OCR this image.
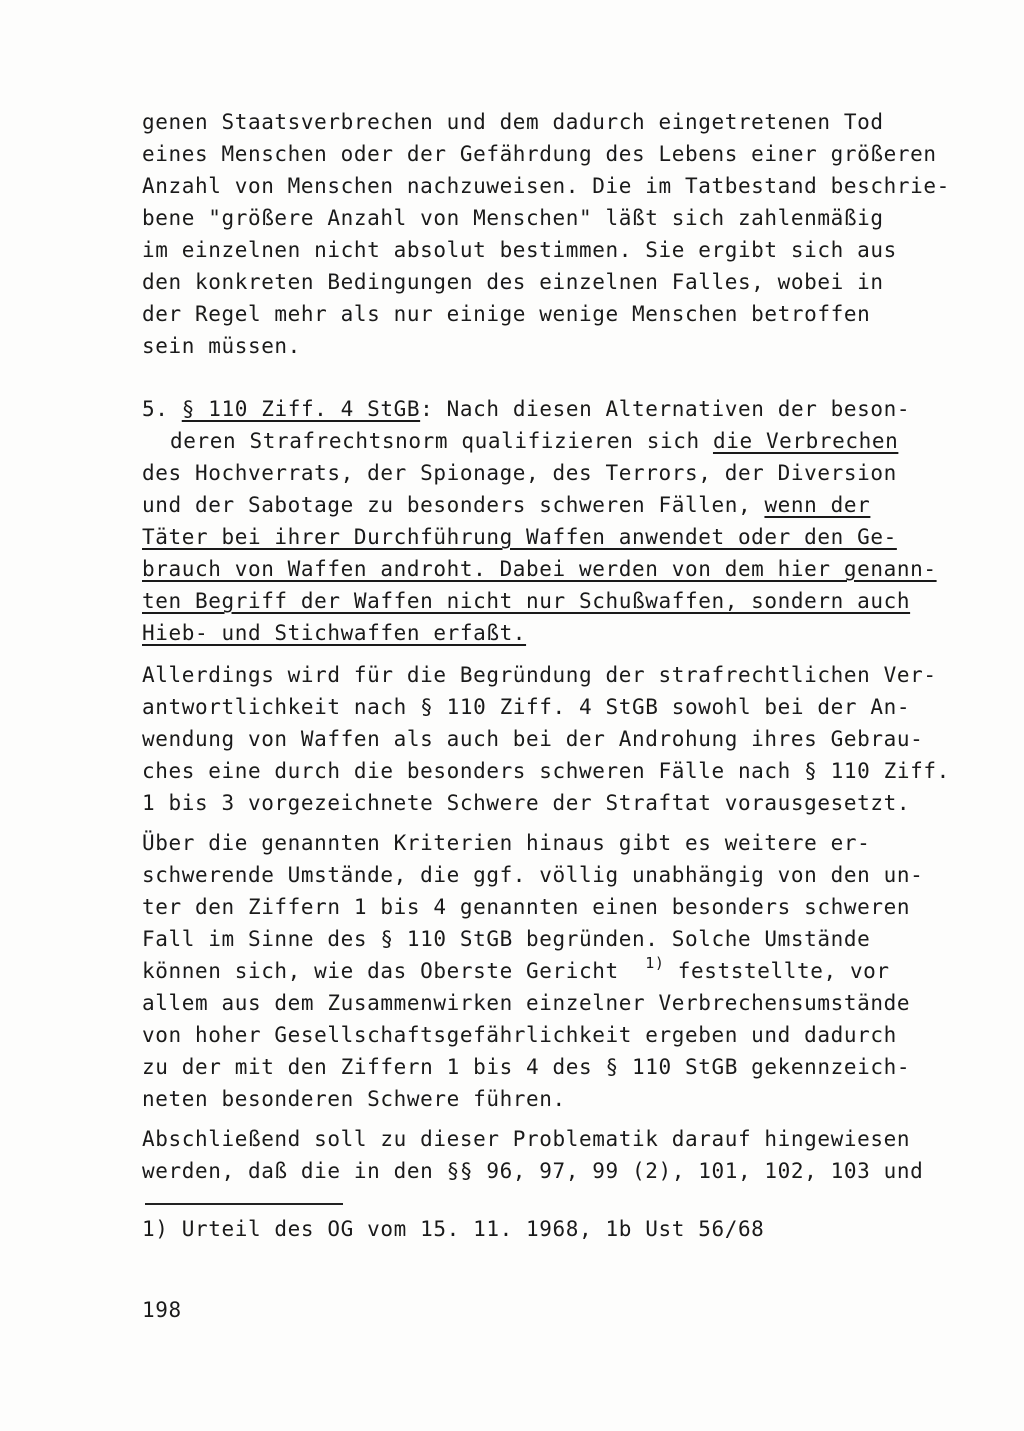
genen Staatsverbrechen und dem dadurch eingetretenen Tod
eines Menschen oder der Gefährdung des Lebens einer größeren
Anzahl von Menschen nachzuweisen. Die im Tatbestand beschrie-
bene "größere Anzahl von Menschen" läßt sich zahlenmäßig
im einzelnen nicht absolut bestimmen. Sie ergibt sich aus
den konkreten Bedingungen des einzelnen Falles, wobei in
der Regel mehr als nur einige wenige Menschen betroffen
sein müssen.
5. § 110 Ziff. 4 StGB: Nach diesen Alternativen der beson-
deren Strafrechtsnorm qualifizieren sich die Verbrechen
des Hochverrats, der Spionage, des Terrors, der Diversion
und der Sabotage zu besonders schweren Fällen, wenn der
Täter bei ihrer Durchführung Waffen anwendet oder den Ge-
brauch von Waffen androht. Dabei werden von dem hier genann-
ten Begriff der Waffen nicht nur Schußwaffen, sondern auch
Hieb- und Stichwaffen erfaßt.
Allerdings wird für die Begründung der strafrechtlichen Ver-
antwortlichkeit nach § 110 Ziff. 4 StGB sowohl bei der An-
wendung von Waffen als auch bei der Androhung ihres Gebrau-
ches eine durch die besonders schweren Fälle nach § 110 Ziff.
1 bis 3 vorgezeichnete Schwere der Straftat vorausgesetzt.
Über die genannten Kriterien hinaus gibt es weitere er-
schwerende Umstände, die ggf. völlig unabhängig von den un-
ter den Ziffern 1 bis 4 genannten einen besonders schweren
Fall im Sinne des § 110 StGB begründen. Solche Umstände
können sich, wie das Oberste Gericht $^{1)}$ feststellte, vor
allem aus dem Zusammenwirken einzelner Verbrechensumstände
von hoher Gesellschaftsgefährlichkeit ergeben und dadurch
zu der mit den Ziffern 1 bis 4 des § 110 StGB gekennzeich-
neten besonderen Schwere führen.
Abschließend soll zu dieser Problematik darauf hingewiesen
werden, daß die in den §§ 96, 97, 99 (2), 101, 102, 103 und
1) Urteil des OG vom 15. 11. 1968, 1b Ust 56/68
198
